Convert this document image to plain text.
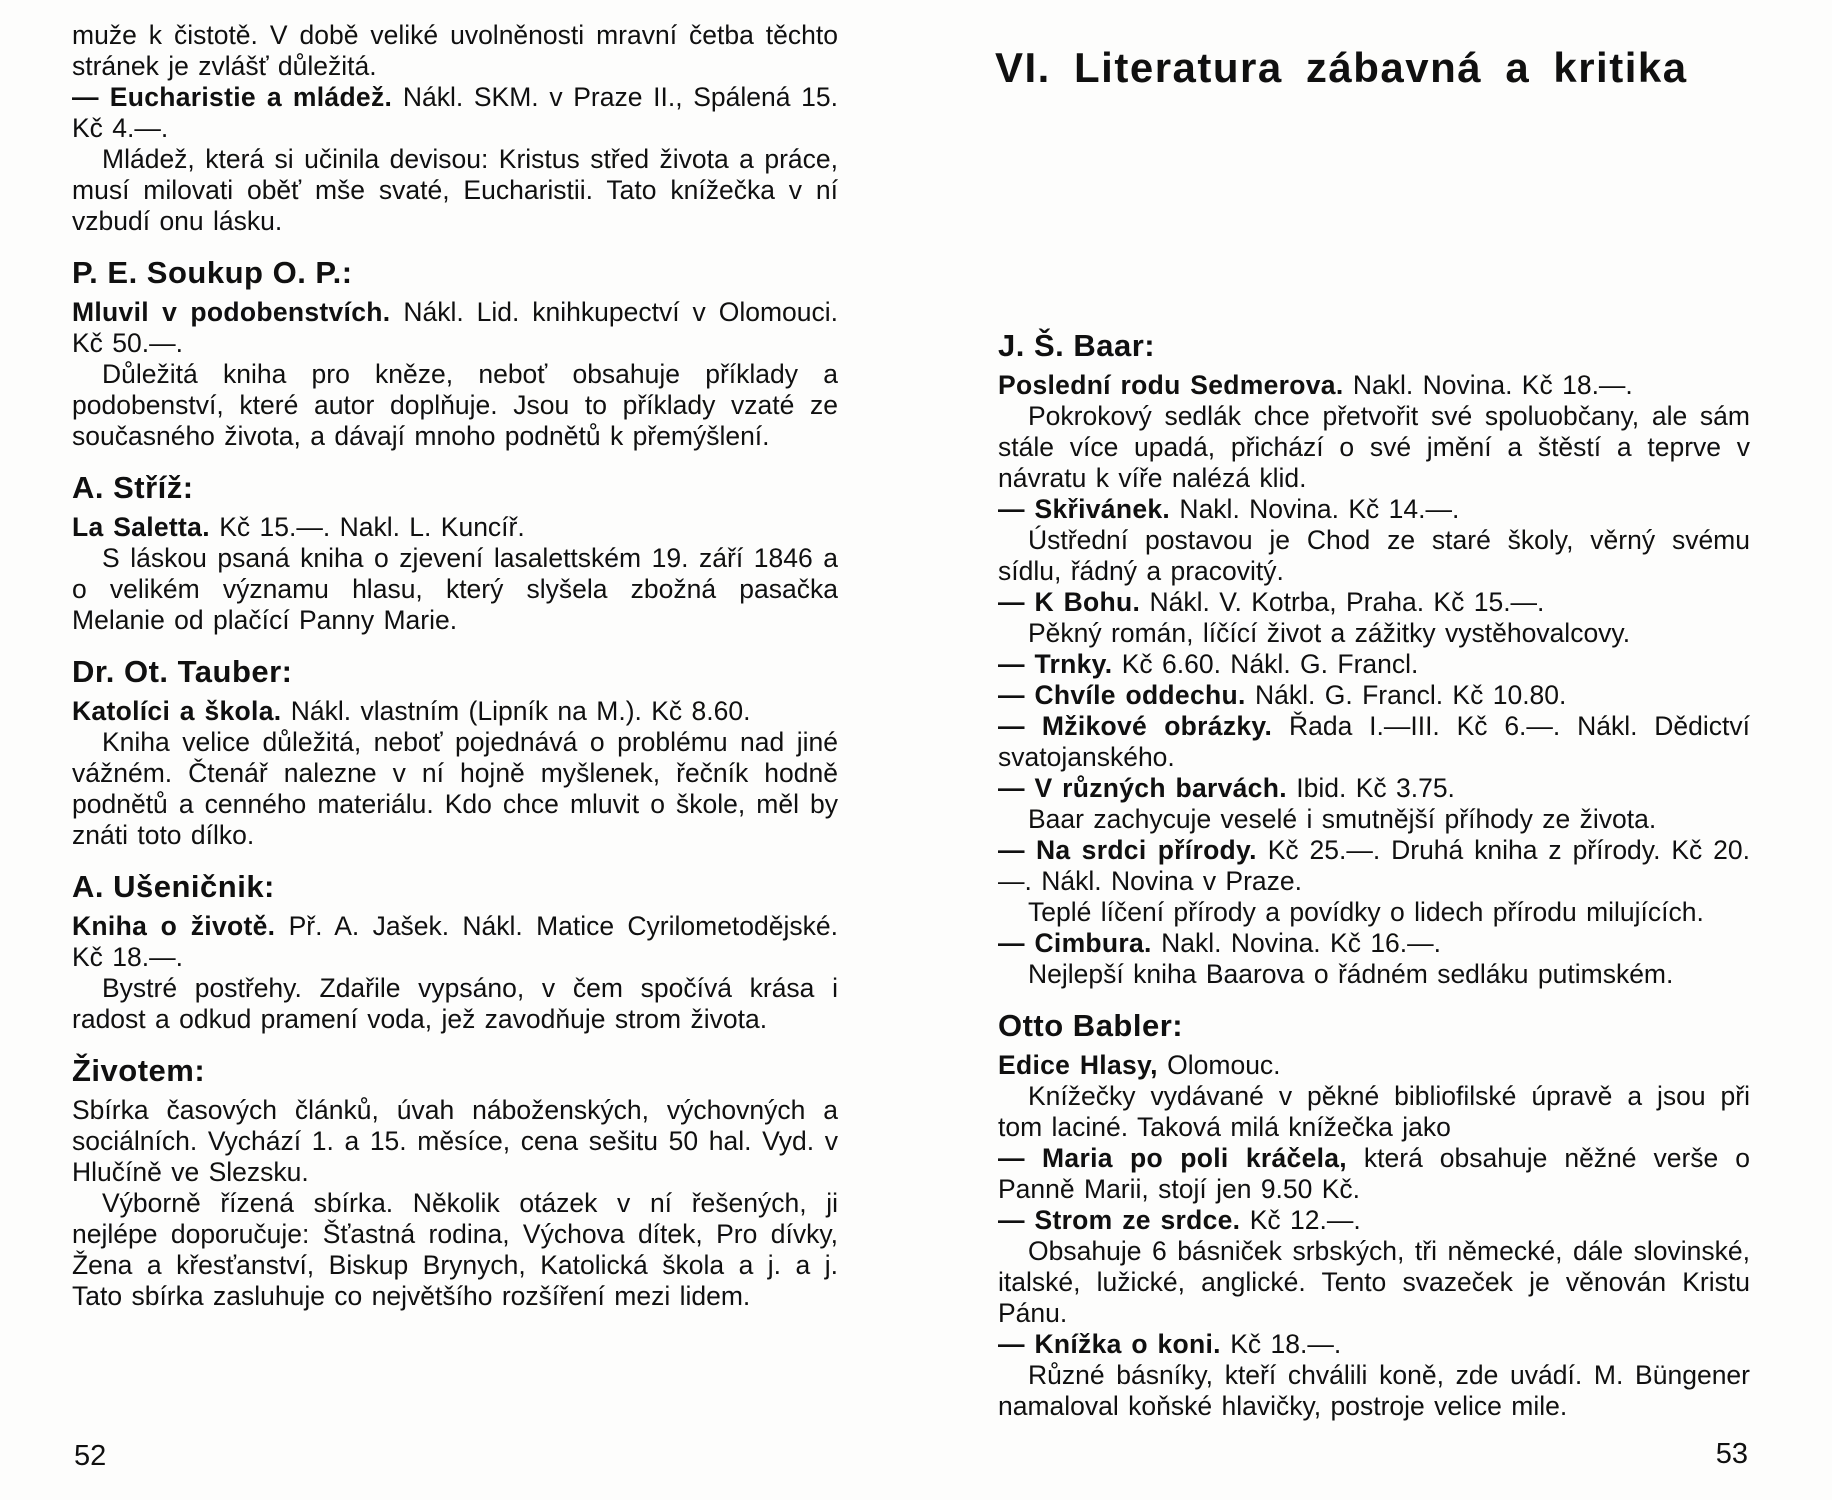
VI. Literatura zábavná a kritika
muže k čistotě. V době veliké uvolněnosti mravní četba těchto stránek je zvlášť důležitá.
— Eucharistie a mládež. Nákl. SKM. v Praze II., Spálená 15. Kč 4.—.
Mládež, která si učinila devisou: Kristus střed života a práce, musí milovati oběť mše svaté, Eucharistii. Tato knížečka v ní vzbudí onu lásku.
P. E. Soukup O. P.:
Mluvil v podobenstvích. Nákl. Lid. knihkupectví v Olomouci. Kč 50.—.
Důležitá kniha pro kněze, neboť obsahuje příklady a podobenství, které autor doplňuje. Jsou to příklady vzaté ze současného života, a dávají mnoho podnětů k přemýšlení.
A. Stříž:
La Saletta. Kč 15.—. Nakl. L. Kuncíř.
S láskou psaná kniha o zjevení lasalettském 19. září 1846 a o velikém významu hlasu, který slyšela zbožná pasačka Melanie od plačící Panny Marie.
Dr. Ot. Tauber:
Katolíci a škola. Nákl. vlastním (Lipník na M.). Kč 8.60.
Kniha velice důležitá, neboť pojednává o problému nad jiné vážném. Čtenář nalezne v ní hojně myšlenek, řečník hodně podnětů a cenného materiálu. Kdo chce mluvit o škole, měl by znáti toto dílko.
A. Ušeničnik:
Kniha o životě. Př. A. Jašek. Nákl. Matice Cyrilometodějské. Kč 18.—.
Bystré postřehy. Zdařile vypsáno, v čem spočívá krása i radost a odkud pramení voda, jež zavodňuje strom života.
Životem:
Sbírka časových článků, úvah náboženských, výchovných a sociálních. Vychází 1. a 15. měsíce, cena sešitu 50 hal. Vyd. v Hlučíně ve Slezsku.
Výborně řízená sbírka. Několik otázek v ní řešených, ji nejlépe doporučuje: Šťastná rodina, Výchova dítek, Pro dívky, Žena a křesťanství, Biskup Brynych, Katolická škola a j. a j. Tato sbírka zasluhuje co největšího rozšíření mezi lidem.
J. Š. Baar:
Poslední rodu Sedmerova. Nakl. Novina. Kč 18.—.
Pokrokový sedlák chce přetvořit své spoluobčany, ale sám stále více upadá, přichází o své jmění a štěstí a teprve v návratu k víře nalézá klid.
— Skřivánek. Nakl. Novina. Kč 14.—.
Ústřední postavou je Chod ze staré školy, věrný svému sídlu, řádný a pracovitý.
— K Bohu. Nákl. V. Kotrba, Praha. Kč 15.—.
Pěkný román, líčící život a zážitky vystěhovalcovy.
— Trnky. Kč 6.60. Nákl. G. Francl.
— Chvíle oddechu. Nákl. G. Francl. Kč 10.80.
— Mžikové obrázky. Řada I.—III. Kč 6.—. Nákl. Dědictví svatojanského.
— V různých barvách. Ibid. Kč 3.75.
Baar zachycuje veselé i smutnější příhody ze života.
— Na srdci přírody. Kč 25.—. Druhá kniha z přírody. Kč 20.—. Nákl. Novina v Praze.
Teplé líčení přírody a povídky o lidech přírodu milujících.
— Cimbura. Nakl. Novina. Kč 16.—.
Nejlepší kniha Baarova o řádném sedláku putimském.
Otto Babler:
Edice Hlasy, Olomouc.
Knížečky vydávané v pěkné bibliofilské úpravě a jsou při tom laciné. Taková milá knížečka jako
— Maria po poli kráčela, která obsahuje něžné verše o Panně Marii, stojí jen 9.50 Kč.
— Strom ze srdce. Kč 12.—.
Obsahuje 6 básniček srbských, tři německé, dále slovinské, italské, lužické, anglické. Tento svazeček je věnován Kristu Pánu.
— Knížka o koni. Kč 18.—.
Různé básníky, kteří chválili koně, zde uvádí. M. Büngener namaloval koňské hlavičky, postroje velice mile.
52	53
